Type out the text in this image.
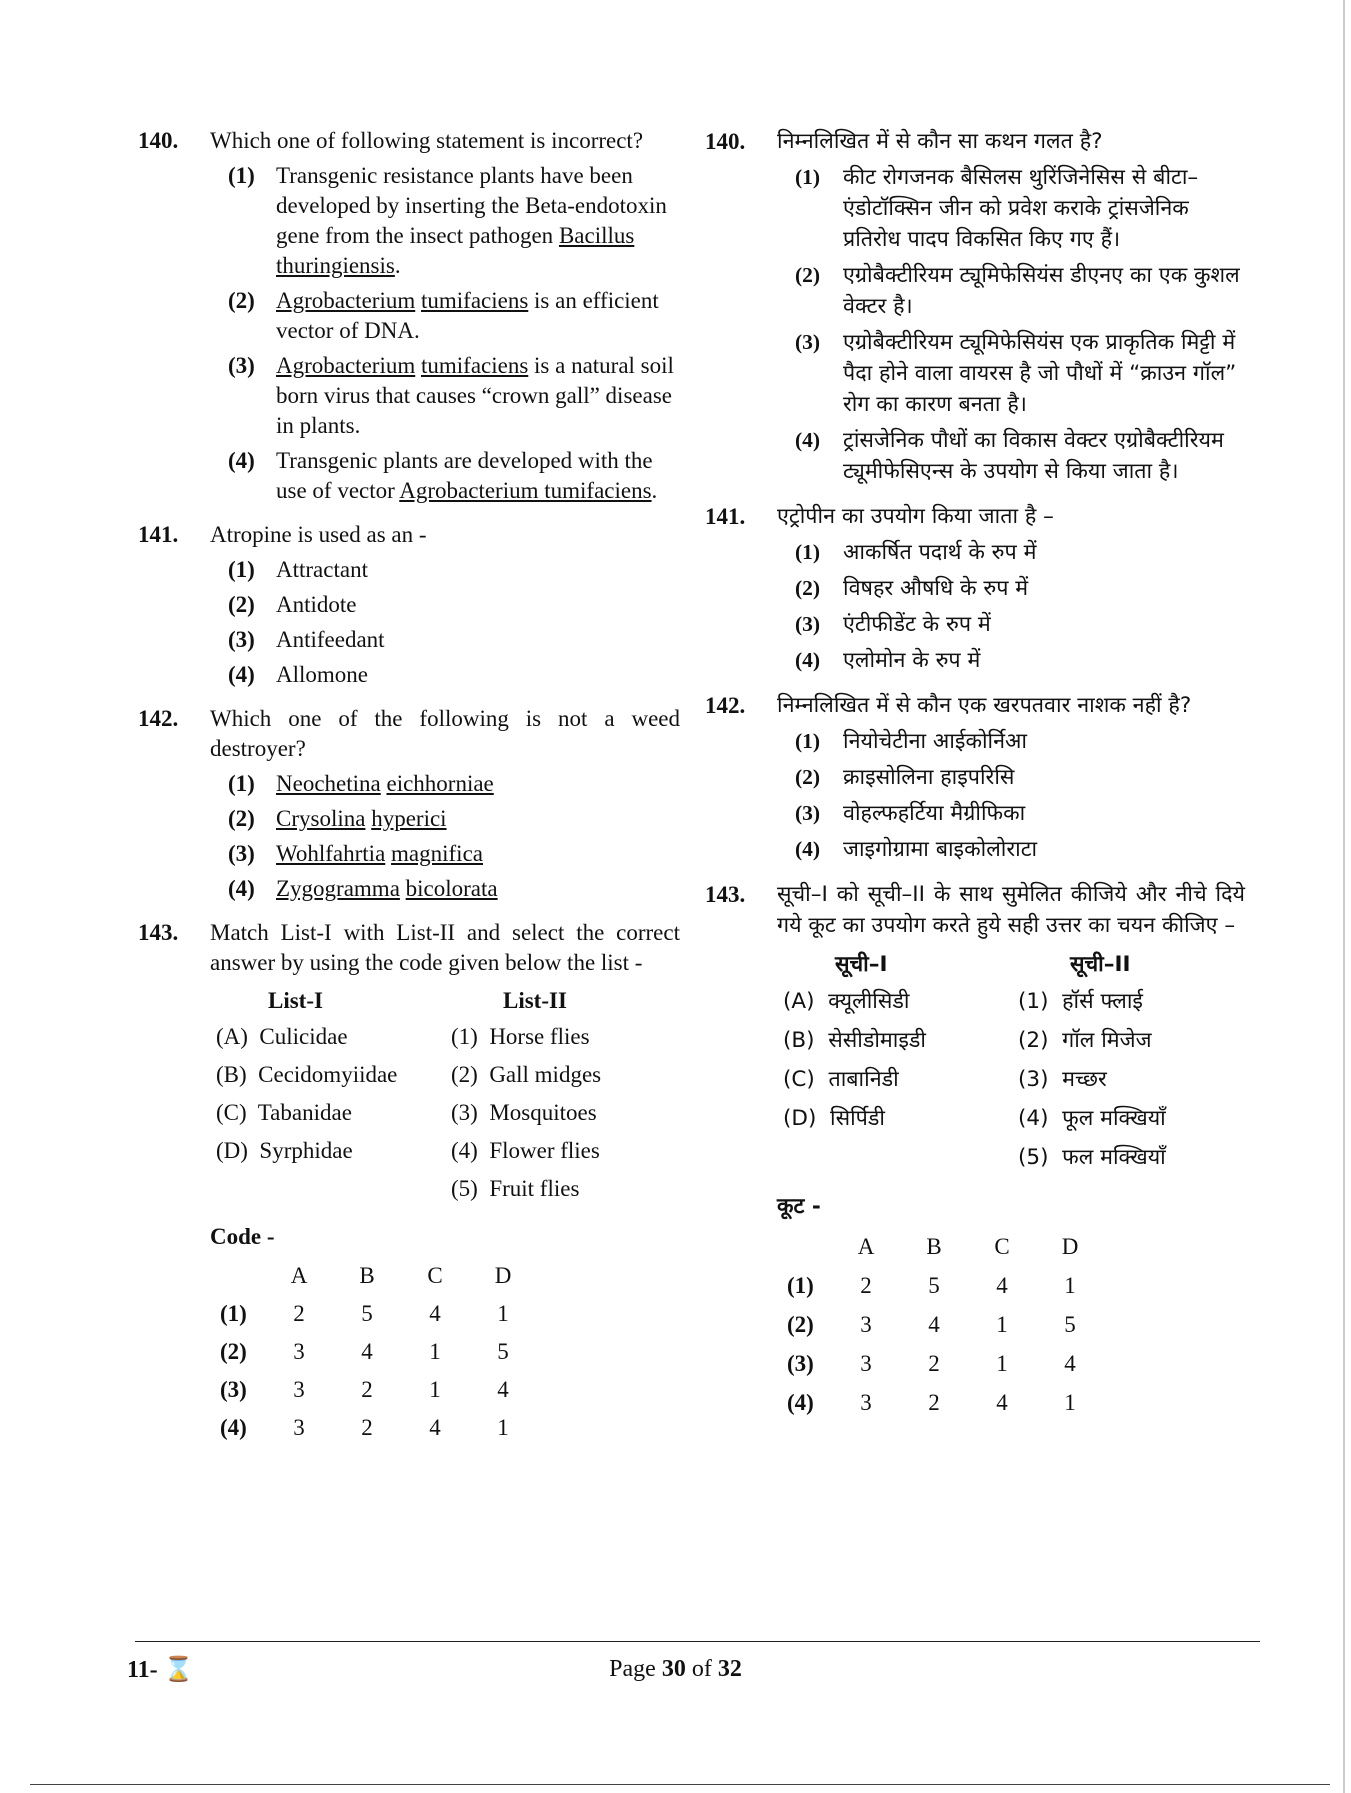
140. Which one of following statement is incorrect?
(1) Transgenic resistance plants have been developed by inserting the Beta-endotoxin gene from the insect pathogen Bacillus thuringiensis.
(2) Agrobacterium tumifaciens is an efficient vector of DNA.
(3) Agrobacterium tumifaciens is a natural soil born virus that causes “crown gall” disease in plants.
(4) Transgenic plants are developed with the use of vector Agrobacterium tumifaciens.
141. Atropine is used as an -
(1) Attractant
(2) Antidote
(3) Antifeedant
(4) Allomone
142. Which one of the following is not a weed destroyer?
(1) Neochetina eichhorniae
(2) Crysolina hyperici
(3) Wohlfahrtia magnifica
(4) Zygogramma bicolorata
143. Match List-I with List-II and select the correct answer by using the code given below the list -
List-I	List-II
(A)  Culicidae	(1)  Horse flies
(B)  Cecidomyiidae	(2)  Gall midges
(C)  Tabanidae	(3)  Mosquitoes
(D)  Syrphidae	(4)  Flower flies
(5)  Fruit flies
Code -
	A	B	C	D
(1)	2	5	4	1
(2)	3	4	1	5
(3)	3	2	1	4
(4)	3	2	4	1
140. निम्नलिखित में से कौन सा कथन गलत है?
(1) कीट रोगजनक बैसिलस थुरिंजिनेसिस से बीटा–एंडोटॉक्सिन जीन को प्रवेश कराके ट्रांसजेनिक प्रतिरोध पादप विकसित किए गए हैं।
(2) एग्रोबैक्टीरियम ट्यूमिफेसियंस डीएनए का एक कुशल वेक्टर है।
(3) एग्रोबैक्टीरियम ट्यूमिफेसियंस एक प्राकृतिक मिट्टी में पैदा होने वाला वायरस है जो पौधों में “क्राउन गॉल” रोग का कारण बनता है।
(4) ट्रांसजेनिक पौधों का विकास वेक्टर एग्रोबैक्टीरियम ट्यूमीफेसिएन्स के उपयोग से किया जाता है।
141. एट्रोपीन का उपयोग किया जाता है –
(1) आकर्षित पदार्थ के रुप में
(2) विषहर औषधि के रुप में
(3) एंटीफीडेंट के रुप में
(4) एलोमोन के रुप में
142. निम्नलिखित में से कौन एक खरपतवार नाशक नहीं है?
(1) नियोचेटीना आईकोर्निआ
(2) क्राइसोलिना हाइपरिसि
(3) वोहल्फहर्टिया मैग्रीफिका
(4) जाइगोग्रामा बाइकोलोराटा
143. सूची–I को सूची–II के साथ सुमेलित कीजिये और नीचे दिये गये कूट का उपयोग करते हुये सही उत्तर का चयन कीजिए –
सूची–I	सूची–II
(A)  क्यूलीसिडी	(1)  हॉर्स फ्लाई
(B)  सेसीडोमाइडी	(2)  गॉल मिजेज
(C)  ताबानिडी	(3)  मच्छर
(D)  सिर्पिडी	(4)  फूल मक्खियाँ
(5)  फल मक्खियाँ
कूट -
	A	B	C	D
(1)	2	5	4	1
(2)	3	4	1	5
(3)	3	2	1	4
(4)	3	2	4	1
11- ⌛	Page 30 of 32
